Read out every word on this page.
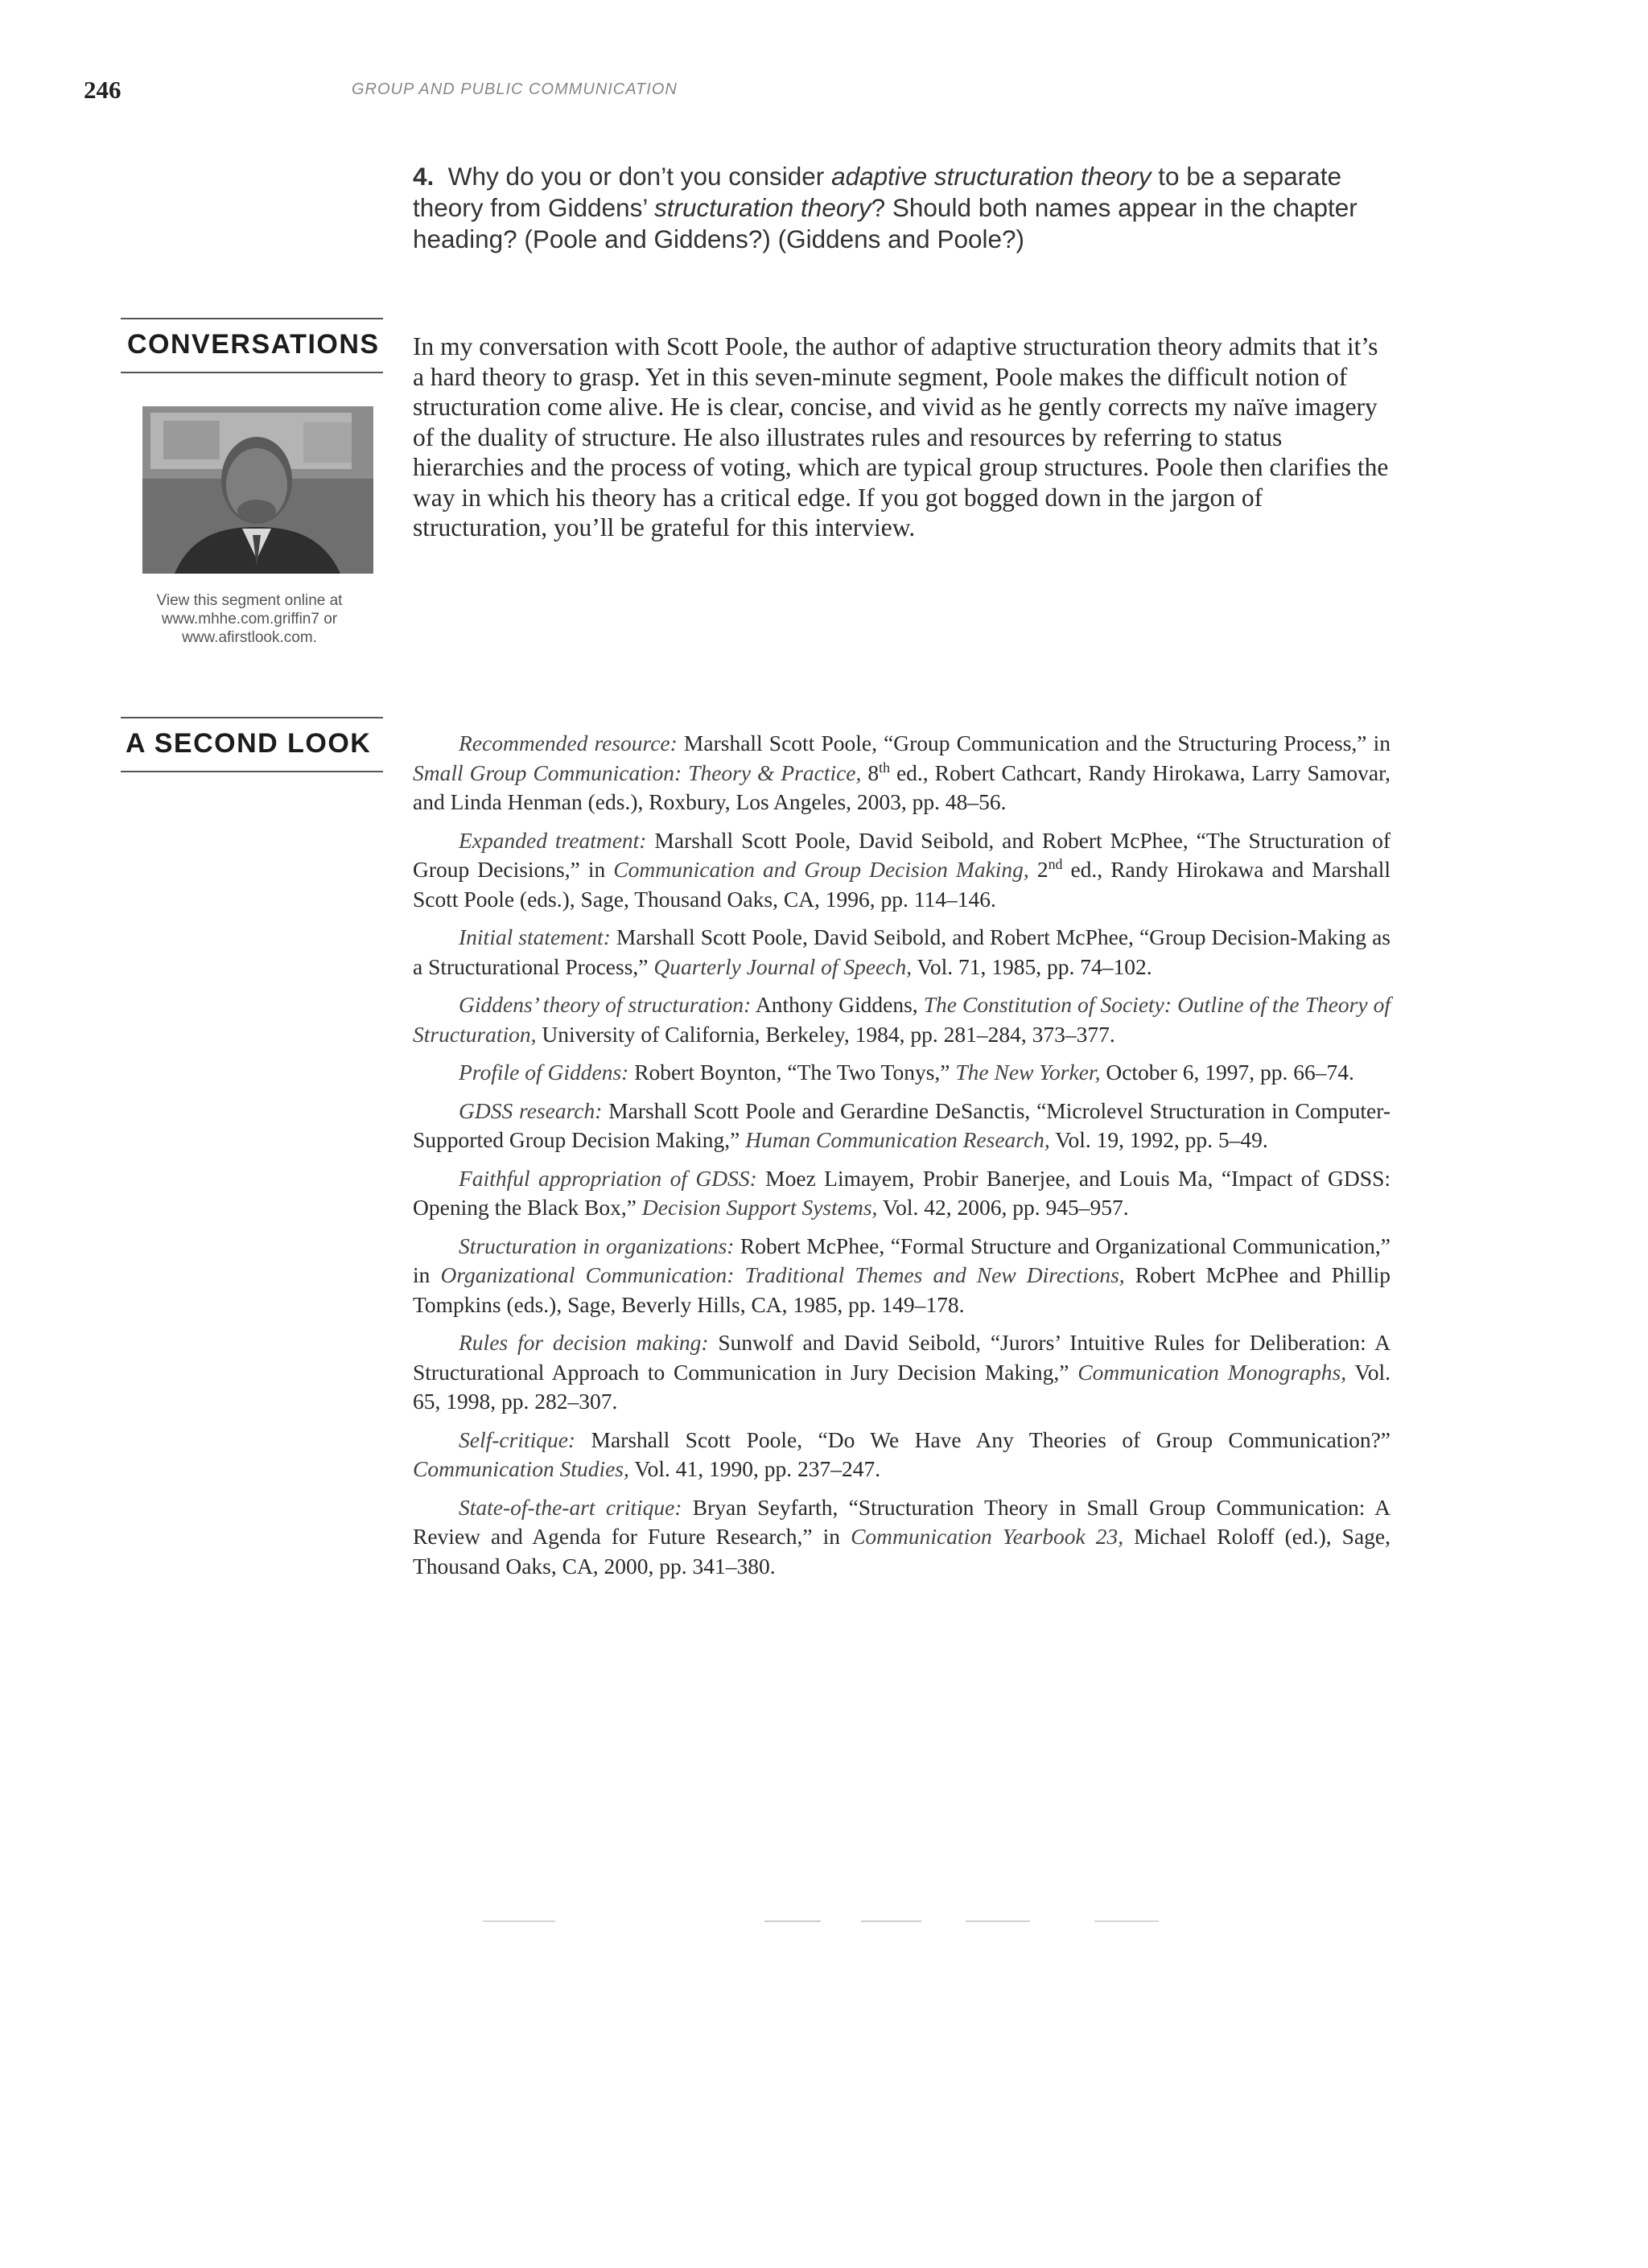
246	GROUP AND PUBLIC COMMUNICATION
4. Why do you or don’t you consider adaptive structuration theory to be a separate theory from Giddens’ structuration theory? Should both names appear in the chapter heading? (Poole and Giddens?) (Giddens and Poole?)
CONVERSATIONS
View this segment online at www.mhhe.com.griffin7 or www.afirstlook.com.
In my conversation with Scott Poole, the author of adaptive structuration theory admits that it’s a hard theory to grasp. Yet in this seven-minute segment, Poole makes the difficult notion of structuration come alive. He is clear, concise, and vivid as he gently corrects my naïve imagery of the duality of structure. He also illustrates rules and resources by referring to status hierarchies and the process of voting, which are typical group structures. Poole then clarifies the way in which his theory has a critical edge. If you got bogged down in the jargon of structuration, you’ll be grateful for this interview.
A SECOND LOOK	Recommended resource: Marshall Scott Poole, “Group Communication and the Structuring Process,” in Small Group Communication: Theory & Practice, 8th ed., Robert Cathcart, Randy Hirokawa, Larry Samovar, and Linda Henman (eds.), Roxbury, Los Angeles, 2003, pp. 48–56.

Expanded treatment: Marshall Scott Poole, David Seibold, and Robert McPhee, “The Structuration of Group Decisions,” in Communication and Group Decision Making, 2nd ed., Randy Hirokawa and Marshall Scott Poole (eds.), Sage, Thousand Oaks, CA, 1996, pp. 114–146.

Initial statement: Marshall Scott Poole, David Seibold, and Robert McPhee, “Group Decision-Making as a Structurational Process,” Quarterly Journal of Speech, Vol. 71, 1985, pp. 74–102.

Giddens’ theory of structuration: Anthony Giddens, The Constitution of Society: Outline of the Theory of Structuration, University of California, Berkeley, 1984, pp. 281–284, 373–377.

Profile of Giddens: Robert Boynton, “The Two Tonys,” The New Yorker, October 6, 1997, pp. 66–74.

GDSS research: Marshall Scott Poole and Gerardine DeSanctis, “Microlevel Structuration in Computer-Supported Group Decision Making,” Human Communication Research, Vol. 19, 1992, pp. 5–49.

Faithful appropriation of GDSS: Moez Limayem, Probir Banerjee, and Louis Ma, “Impact of GDSS: Opening the Black Box,” Decision Support Systems, Vol. 42, 2006, pp. 945–957.

Structuration in organizations: Robert McPhee, “Formal Structure and Organizational Communication,” in Organizational Communication: Traditional Themes and New Directions, Robert McPhee and Phillip Tompkins (eds.), Sage, Beverly Hills, CA, 1985, pp. 149–178.

Rules for decision making: Sunwolf and David Seibold, “Jurors’ Intuitive Rules for Deliberation: A Structurational Approach to Communication in Jury Decision Making,” Communication Monographs, Vol. 65, 1998, pp. 282–307.

Self-critique: Marshall Scott Poole, “Do We Have Any Theories of Group Communication?” Communication Studies, Vol. 41, 1990, pp. 237–247.

State-of-the-art critique: Bryan Seyfarth, “Structuration Theory in Small Group Communication: A Review and Agenda for Future Research,” in Communication Yearbook 23, Michael Roloff (ed.), Sage, Thousand Oaks, CA, 2000, pp. 341–380.
